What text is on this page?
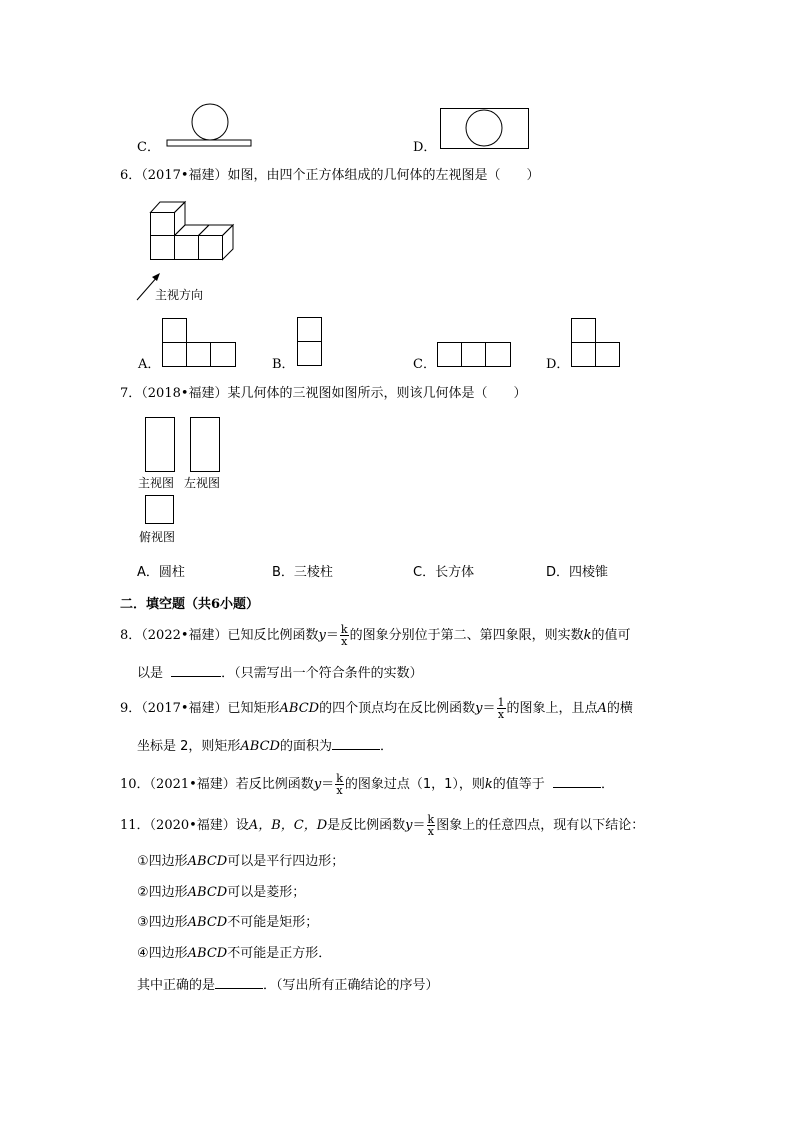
C．	D．
6．（2017•福建）如图，由四个正方体组成的几何体的左视图是（　　）
主视方向
A．	B．	C．	D．
7．（2018•福建）某几何体的三视图如图所示，则该几何体是（　　）
主视图 左视图
俯视图
A．圆柱	B．三棱柱	C．长方体	D．四棱锥
二．填空题（共6小题）
8．（2022•福建）已知反比例函数$y= \frac{k}{x}$ 的图象分别位于第二、第四象限，则实数k的值可
以是	．（只需写出一个符合条件的实数）
9．（2017•福建）已知矩形ABCD的四个顶点均在反比例函数$y= \frac{1}{x}$ 的图象上，且点A的横
坐标是 2，则矩形ABCD的面积为	．
10．（2021•福建）若反比例函数$y= \frac{k}{x}$ 的图象过点（1，1），则k的值等于	．
11．（2020•福建）设A，B，C，D是反比例函数$y= \frac{k}{x}$ 图象上的任意四点，现有以下结论：
①四边形ABCD可以是平行四边形；
②四边形ABCD可以是菱形；
③四边形ABCD不可能是矩形；
④四边形ABCD不可能是正方形．
其中正确的是	．（写出所有正确结论的序号）
